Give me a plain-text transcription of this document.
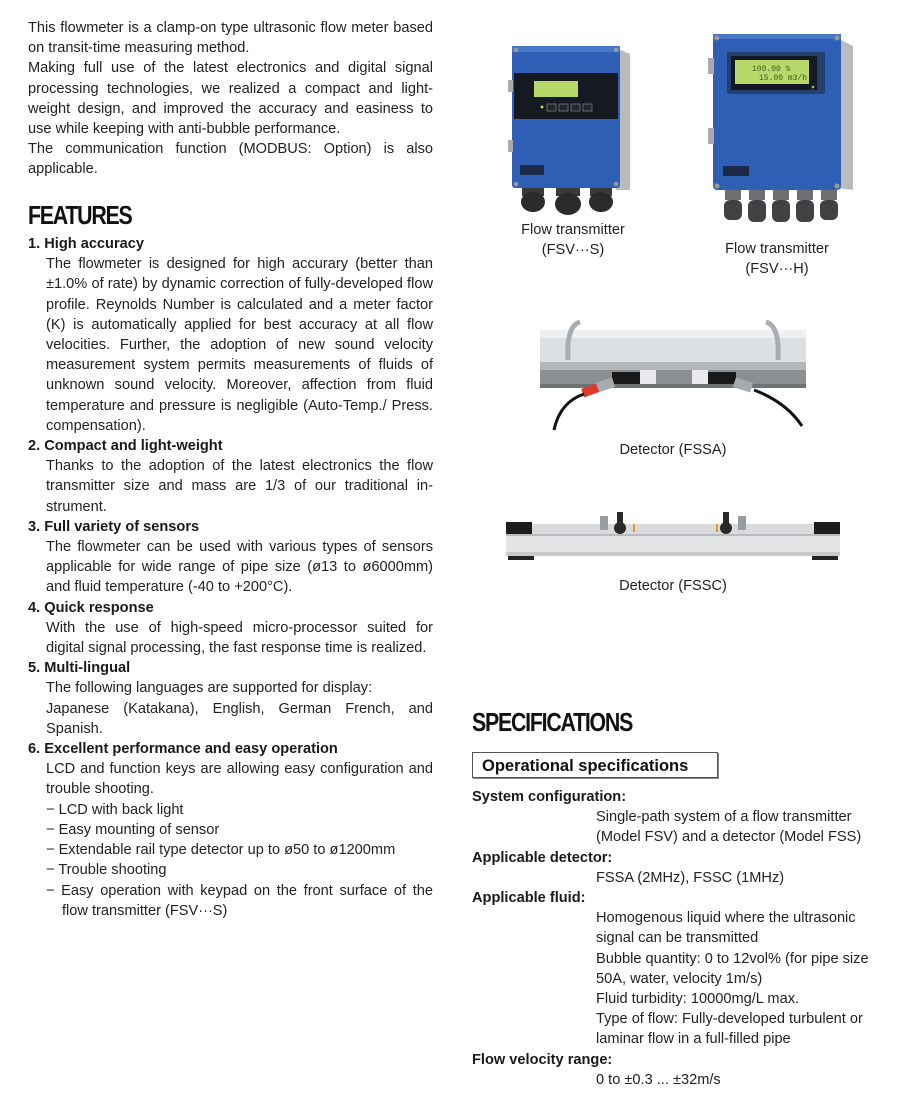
This flowmeter is a clamp-on type ultrasonic flow meter based on transit-time measuring method.

Making full use of the latest electronics and digital signal processing technologies, we realized a compact and light-weight design, and improved the accuracy and easiness to use while keeping with anti-bubble performance.

The communication function (MODBUS: Option) is also applicable.

FEATURES

1. High accuracy

The flowmeter is designed for high accurary (better than ±1.0% of rate) by dynamic correction of fully-developed flow profile. Reynolds Number is calculated and a meter factor (K) is automatically applied for best accuracy at all flow velocities. Further, the adoption of new sound velocity measurement system permits measurements of fluids of unknown sound velocity. Moreover, affection from fluid temperature and pressure is negligible (Auto-Temp./ Press. compensation).

2. Compact and light-weight

Thanks to the adoption of the latest electronics the flow transmitter size and mass are 1/3 of our traditional in-strument.

3. Full variety of sensors

The flowmeter can be used with various types of sensors applicable for wide range of pipe size (ø13 to ø6000mm) and fluid temperature (-40 to +200°C).

4. Quick response

With the use of high-speed micro-processor suited for digital signal processing, the fast response time is realized.

5. Multi-lingual

The following languages are supported for display:

Japanese (Katakana), English, German French, and Spanish.

6. Excellent performance and easy operation

LCD and function keys are allowing easy configuration and trouble shooting.

− LCD with back light

− Easy mounting of sensor

− Extendable rail type detector up to ø50 to ø1200mm

− Trouble shooting

− Easy operation with keypad on the front surface of the flow transmitter (FSV···S)

Flow transmitter
(FSV···S)
100.00 %
15.00 m3/h
Flow transmitter
(FSV···H)
Detector (FSSA)
Detector (FSSC)
SPECIFICATIONS
Operational specifications

System configuration:

Single-path system of a flow transmitter (Model FSV) and a detector (Model FSS)

Applicable detector:

FSSA (2MHz), FSSC (1MHz)

Applicable fluid:

Homogenous liquid where the ultrasonic signal can be transmitted

Bubble quantity: 0 to 12vol% (for pipe size 50A, water, velocity 1m/s)

Fluid turbidity: 10000mg/L max.

Type of flow: Fully-developed turbulent or laminar flow in a full-filled pipe

Flow velocity range:

0 to ±0.3 ... ±32m/s
